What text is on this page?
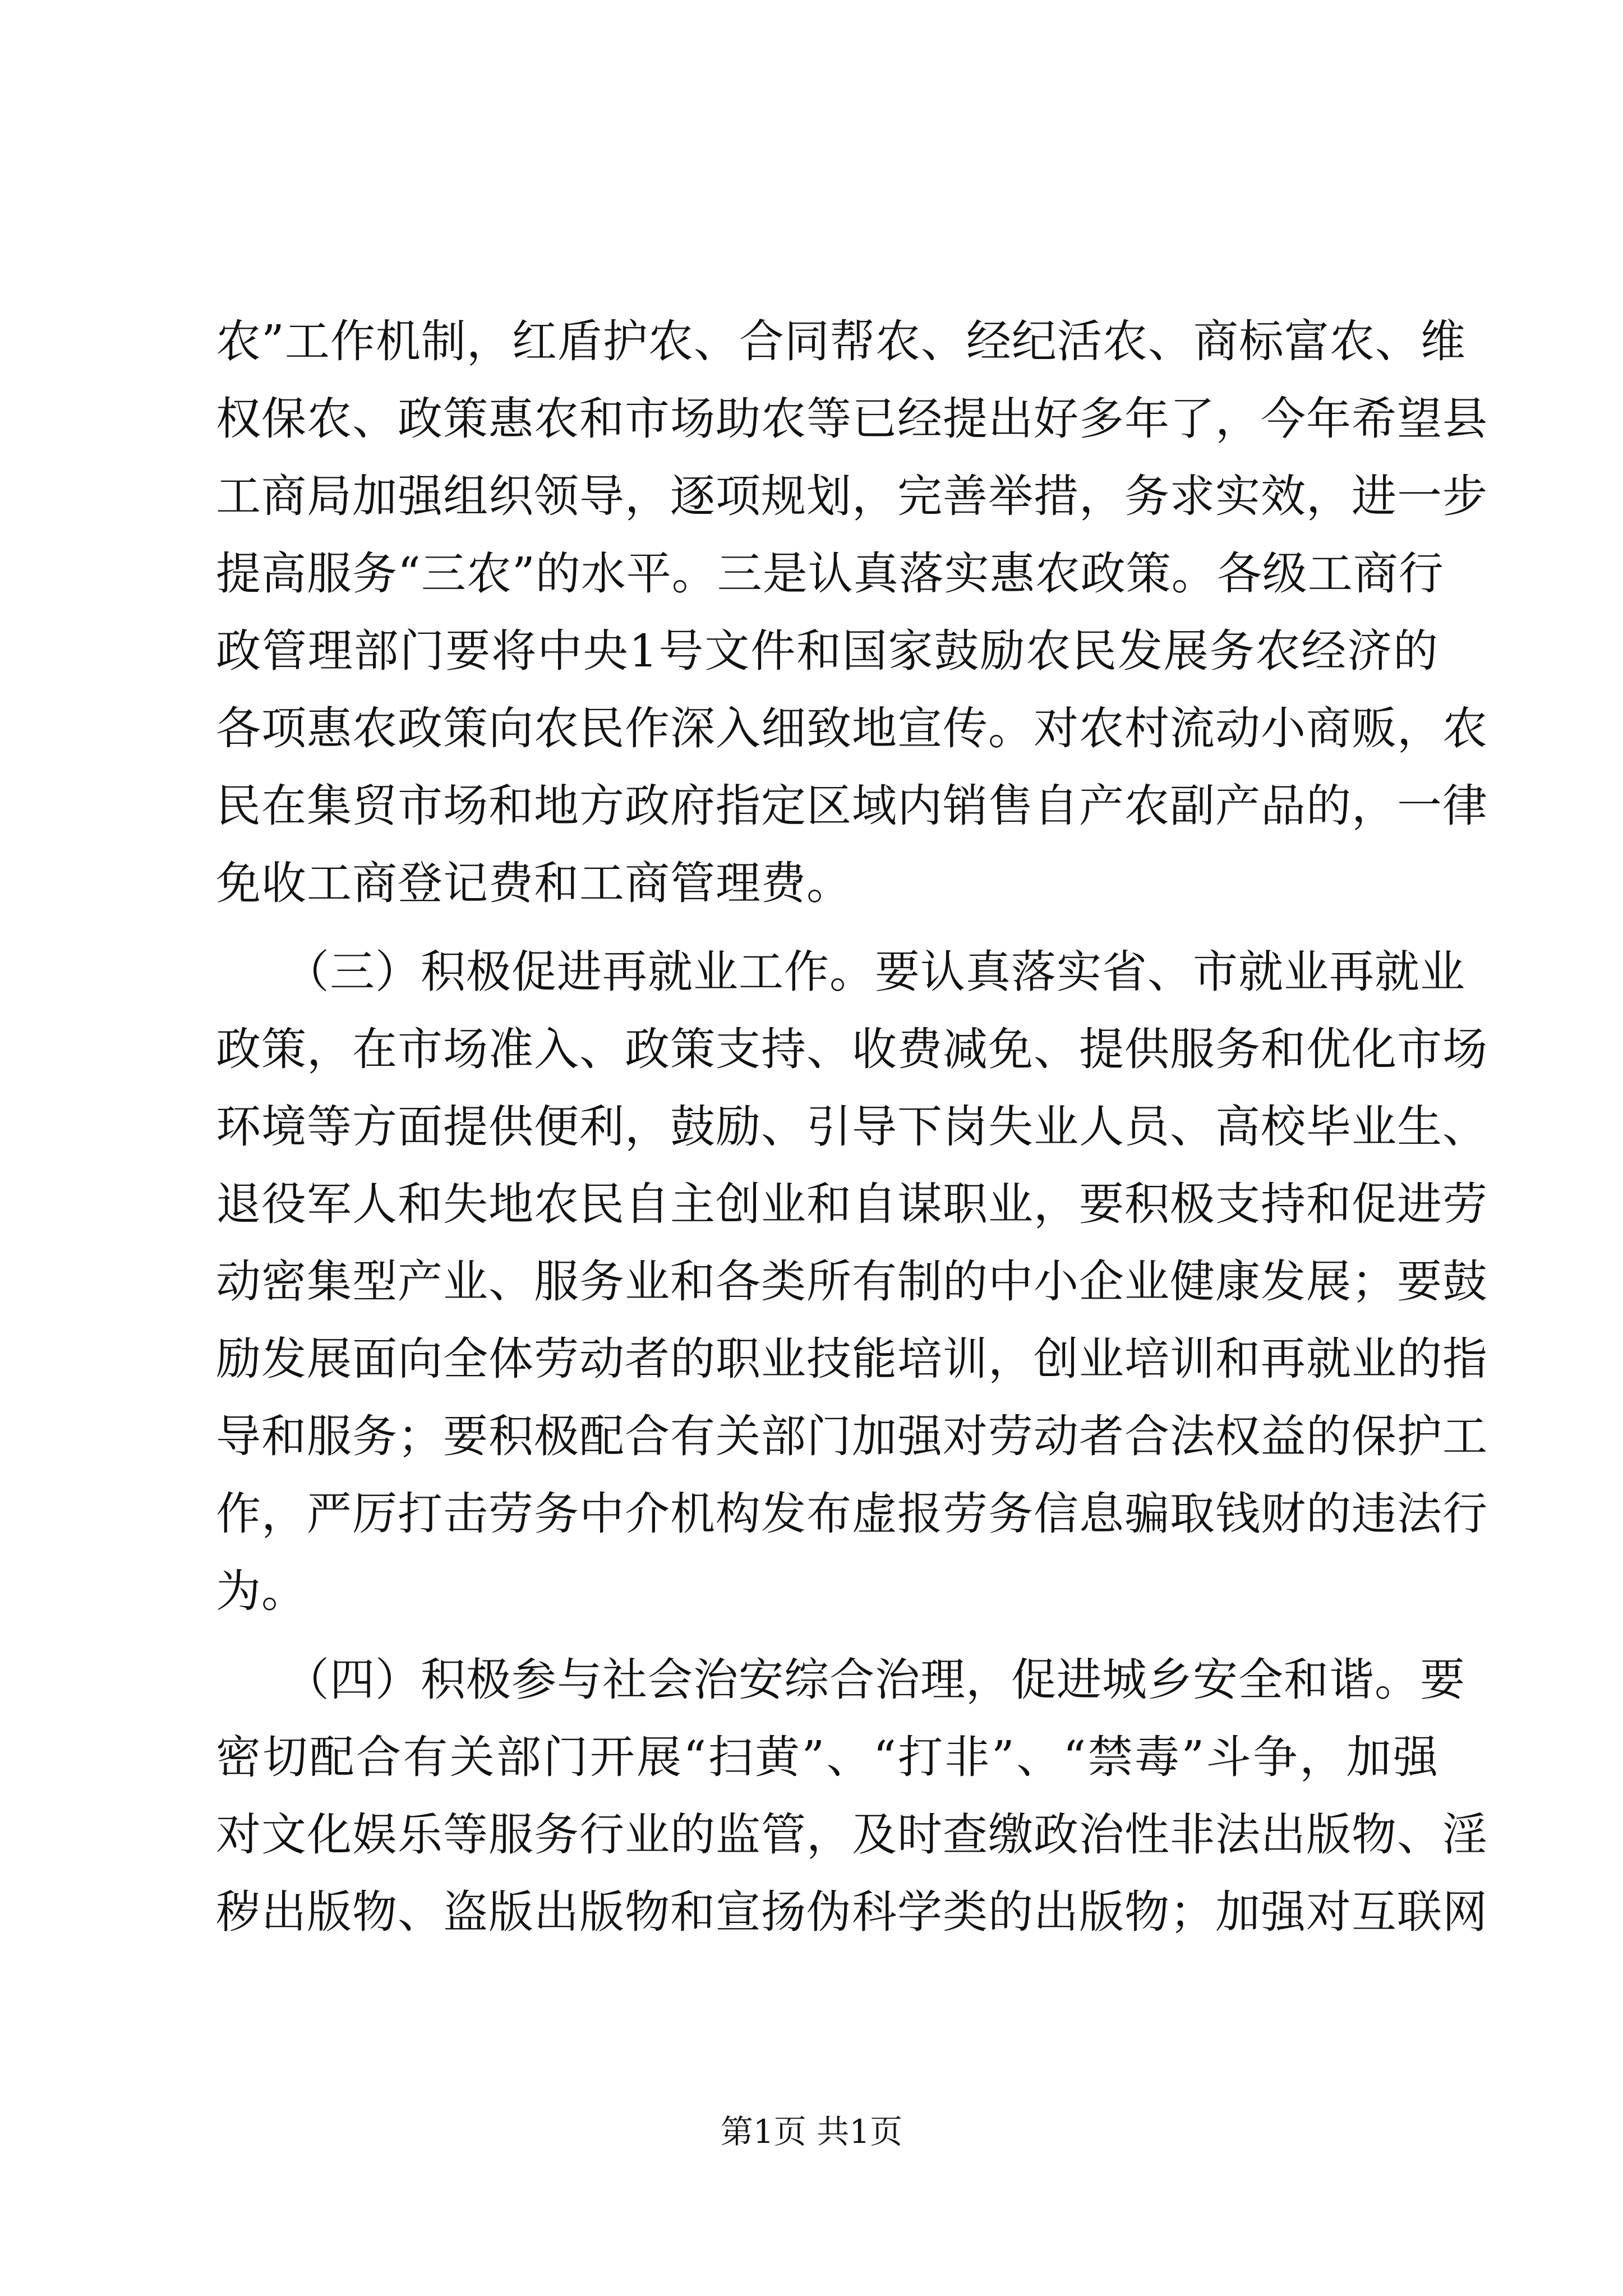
农”工作机制，红盾护农、合同帮农、经纪活农、商标富农、维
权保农、政策惠农和市场助农等已经提出好多年了，今年希望县
工商局加强组织领导，逐项规划，完善举措，务求实效，进一步
提高服务“三农”的水平。三是认真落实惠农政策。各级工商行
政管理部门要将中央1号文件和国家鼓励农民发展务农经济的
各项惠农政策向农民作深入细致地宣传。对农村流动小商贩，农
民在集贸市场和地方政府指定区域内销售自产农副产品的，一律
免收工商登记费和工商管理费。
　　（三）积极促进再就业工作。要认真落实省、市就业再就业
政策，在市场准入、政策支持、收费减免、提供服务和优化市场
环境等方面提供便利，鼓励、引导下岗失业人员、高校毕业生、
退役军人和失地农民自主创业和自谋职业，要积极支持和促进劳
动密集型产业、服务业和各类所有制的中小企业健康发展；要鼓
励发展面向全体劳动者的职业技能培训，创业培训和再就业的指
导和服务；要积极配合有关部门加强对劳动者合法权益的保护工
作，严厉打击劳务中介机构发布虚报劳务信息骗取钱财的违法行
为。
　　（四）积极参与社会治安综合治理，促进城乡安全和谐。要
密切配合有关部门开展“扫黄”、“打非”、“禁毒”斗争，加强
对文化娱乐等服务行业的监管，及时查缴政治性非法出版物、淫
秽出版物、盗版出版物和宣扬伪科学类的出版物；加强对互联网
第1页 共1页
